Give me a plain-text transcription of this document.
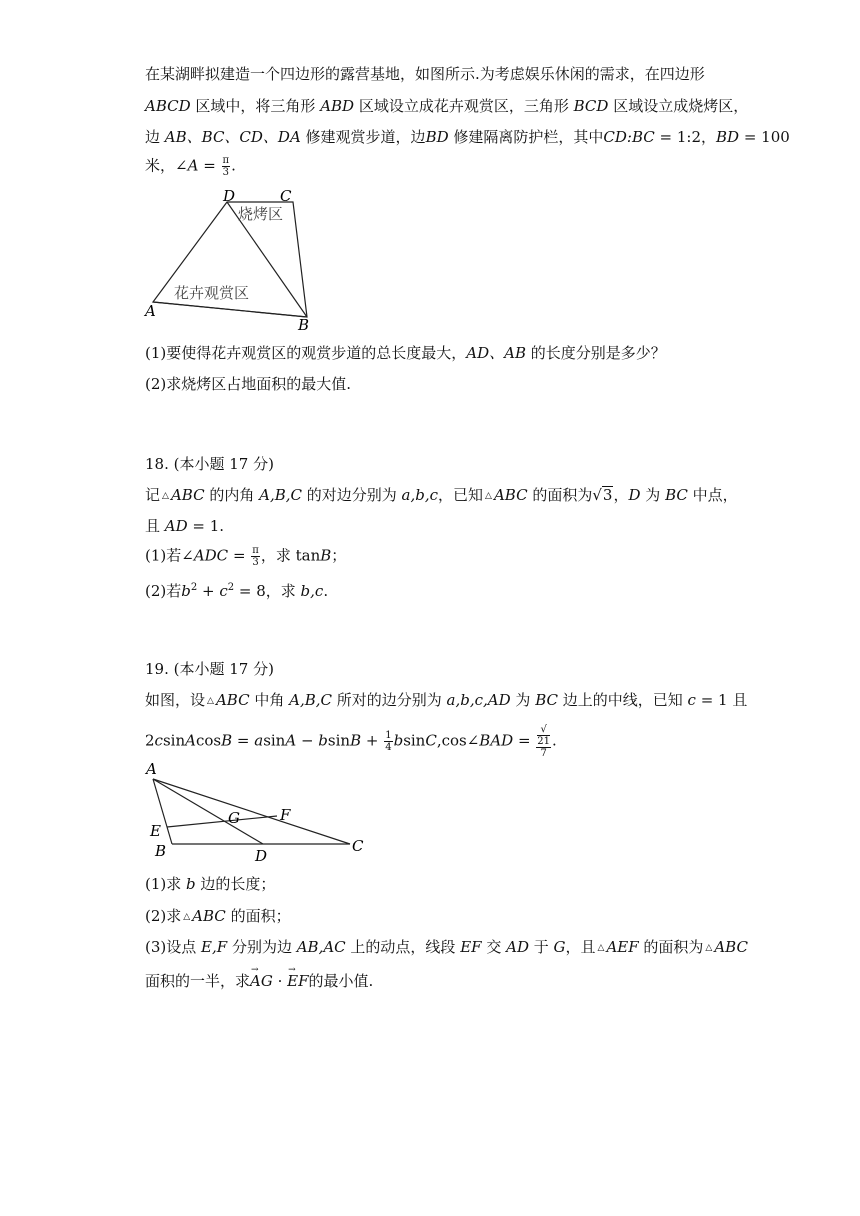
在某湖畔拟建造一个四边形的露营基地，如图所示.为考虑娱乐休闲的需求，在四边形
ABCD 区域中，将三角形 ABD 区域设立成花卉观赏区，三角形 BCD 区域设立成烧烤区，
边 AB、BC、CD、DA 修建观赏步道，边BD 修建隔离防护栏，其中CD:BC = 1:2，BD = 100
米，∠A = $\frac{\pi}{3}$ .
D	C
A
B
烧烤区
花卉观赏区
(1)要使得花卉观赏区的观赏步道的总长度最大，AD、AB 的长度分别是多少？
(2)求烧烤区占地面积的最大值.
18. (本小题 17 分)
记 △ ABC 的内角 A,B,C 的对边分别为 a,b,c，已知 △ ABC 的面积为√3，D 为 BC 中点，
且 AD = 1.
(1)若∠ADC = $\frac{\pi}{3}$ ，求 tanB；
(2)若$b^2 + c^2 = 8$，求 b,c.
19. (本小题 17 分)
如图，设 △ ABC 中角 A,B,C 所对的边分别为 a,b,c,AD 为 BC 边上的中线，已知 c = 1 且
2csinAcosB = $asinA - bsinB + \frac{1}{4}$ bsinC,cos∠BAD = √
21
7 .
A
E
B
G	F
D
C
(1)求 b 边的长度；
(2)求 △ ABC 的面积；
(3)设点 E,F 分别为边 AB,AC 上的动点，线段 EF 交 AD 于 G，且 △ AEF 的面积为 △ ABC
面积的一半，求→ AG · → EF的最小值.
